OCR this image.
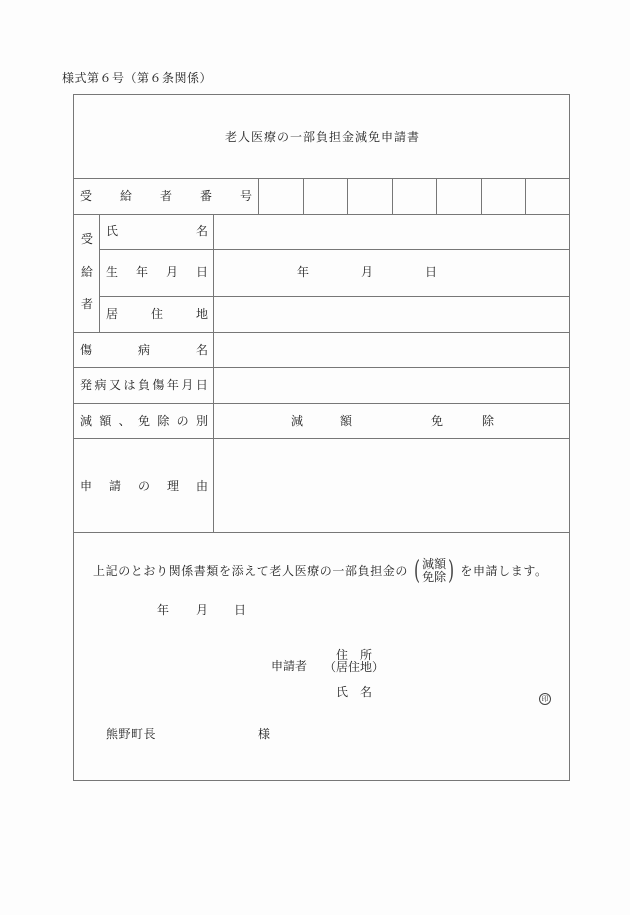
様式第６号（第６条関係）
老人医療の一部負担金減免申請書
受 給 者 番 号
受
給
者
氏	名
生 年 月 日	年	月	日
居	住	地
傷	病	名
発 病 又 は 負 傷 年 月 日
減 額 、 免 除 の 別	減	額	免	除
申 請 の 理 由
上記のとおり関係書類を添えて老人医療の一部負担金の ( 減額
免除 ) を申請します。
年 月 日
申請者
住　所
（居住地）
氏　名	印
熊野町長	様
